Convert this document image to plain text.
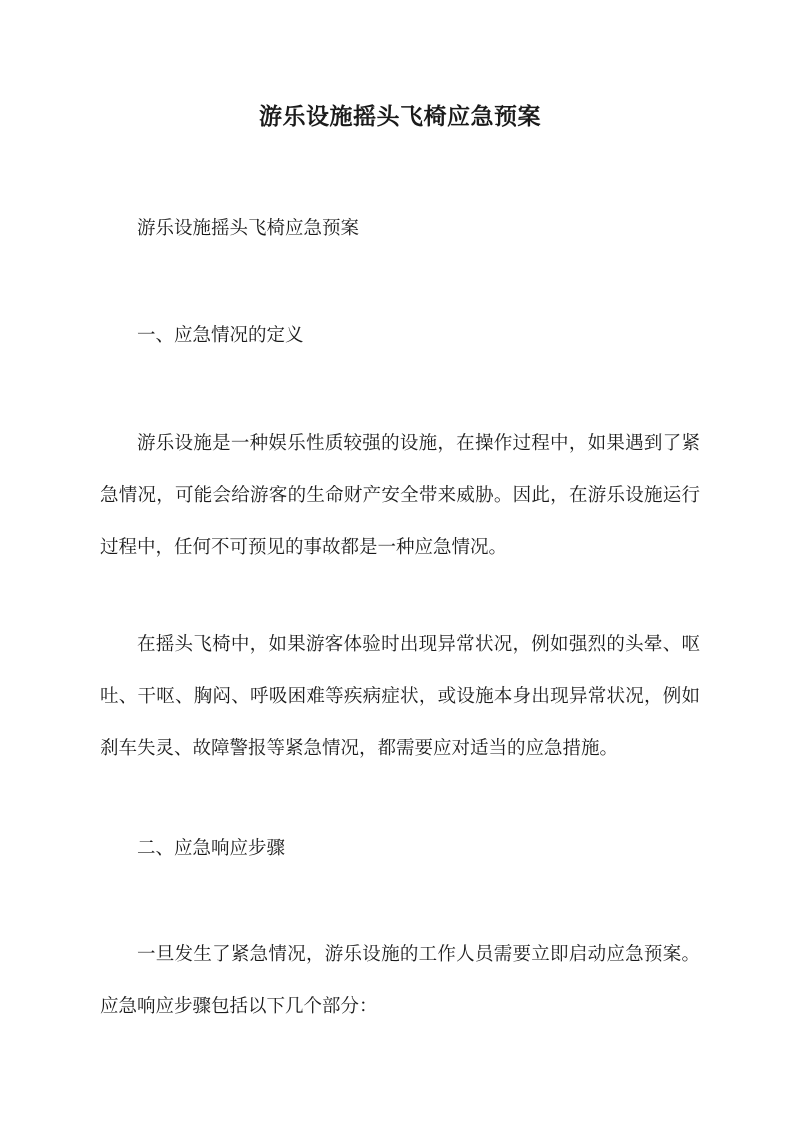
游乐设施摇头飞椅应急预案
游乐设施摇头飞椅应急预案
一、应急情况的定义
游乐设施是一种娱乐性质较强的设施，在操作过程中，如果遇到了紧急情况，可能会给游客的生命财产安全带来威胁。因此，在游乐设施运行过程中，任何不可预见的事故都是一种应急情况。
在摇头飞椅中，如果游客体验时出现异常状况，例如强烈的头晕、呕吐、干呕、胸闷、呼吸困难等疾病症状，或设施本身出现异常状况，例如刹车失灵、故障警报等紧急情况，都需要应对适当的应急措施。
二、应急响应步骤
一旦发生了紧急情况，游乐设施的工作人员需要立即启动应急预案。应急响应步骤包括以下几个部分：
